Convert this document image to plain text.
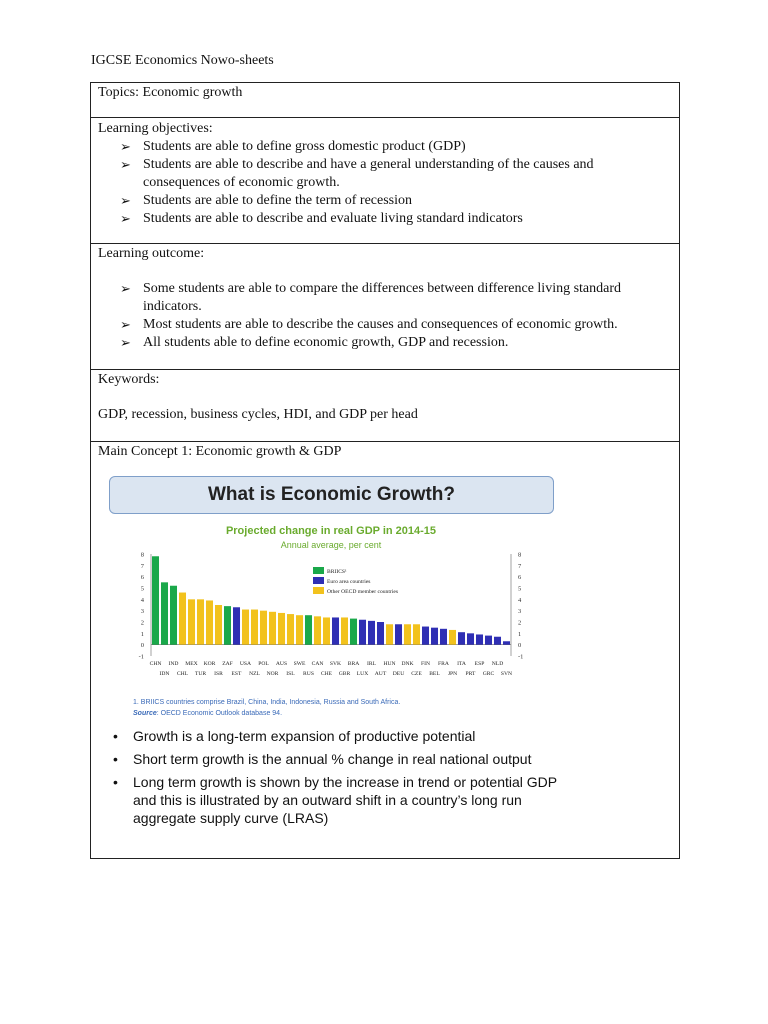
IGCSE Economics Nowo-sheets
Topics: Economic growth
Learning objectives:
➢ Students are able to define gross domestic product (GDP)
➢ Students are able to describe and have a general understanding of the causes and consequences of economic growth.
➢ Students are able to define the term of recession
➢ Students are able to describe and evaluate living standard indicators
Learning outcome:
➢ Some students are able to compare the differences between difference living standard indicators.
➢ Most students are able to describe the causes and consequences of economic growth.
➢ All students able to define economic growth, GDP and recession.
Keywords:
GDP, recession, business cycles, HDI, and GDP per head
Main Concept 1: Economic growth & GDP
What is Economic Growth?
Projected change in real GDP in 2014-15
Annual average, per cent
-1	-1
0	0
1	1
2	2
3	3
4	4
5	5
6	6
7	7
8	8
CHN
IDN
IND
CHL
MEX
TUR
KOR
ISR
ZAF
EST
USA
NZL
POL
NOR
AUS
ISL
SWE
RUS
CAN
CHE
SVK
GBR
BRA
LUX
IRL
AUT
HUN
DEU
DNK
CZE
FIN
BEL
FRA
JPN
ITA
PRT
ESP
GRC
NLD
SVN
BRIICS¹
Euro area countries
Other OECD member countries
1. BRIICS countries comprise Brazil, China, India, Indonesia, Russia and South Africa.
Source: OECD Economic Outlook database 94.
• Growth is a long-term expansion of productive potential
• Short term growth is the annual % change in real national output
• Long term growth is shown by the increase in trend or potential GDP and this is illustrated by an outward shift in a country’s long run aggregate supply curve (LRAS)
